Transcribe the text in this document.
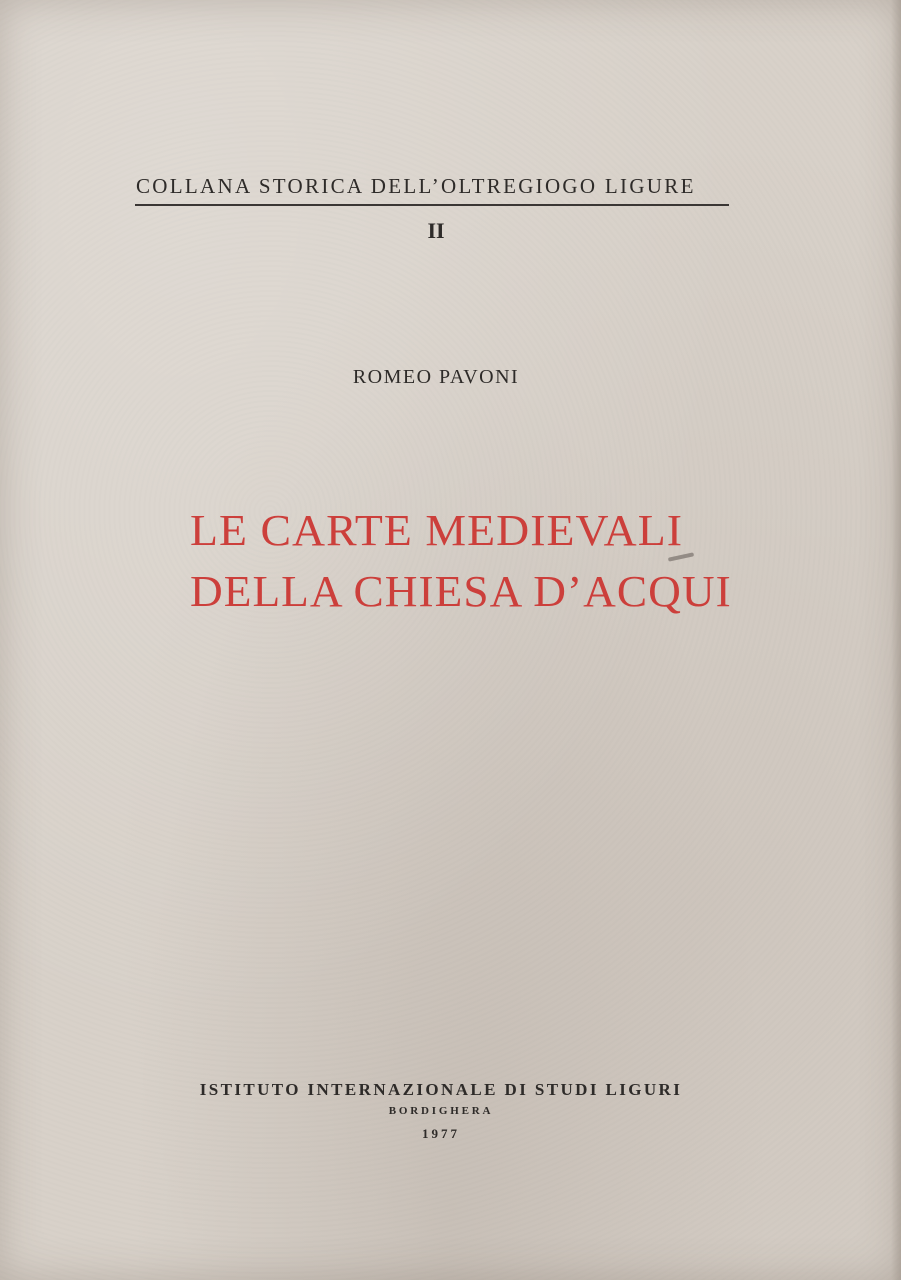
COLLANA STORICA DELL’OLTREGIOGO LIGURE
II
ROMEO PAVONI
LE CARTE MEDIEVALI
DELLA CHIESA D’ACQUI
ISTITUTO INTERNAZIONALE DI STUDI LIGURI
BORDIGHERA
1977
